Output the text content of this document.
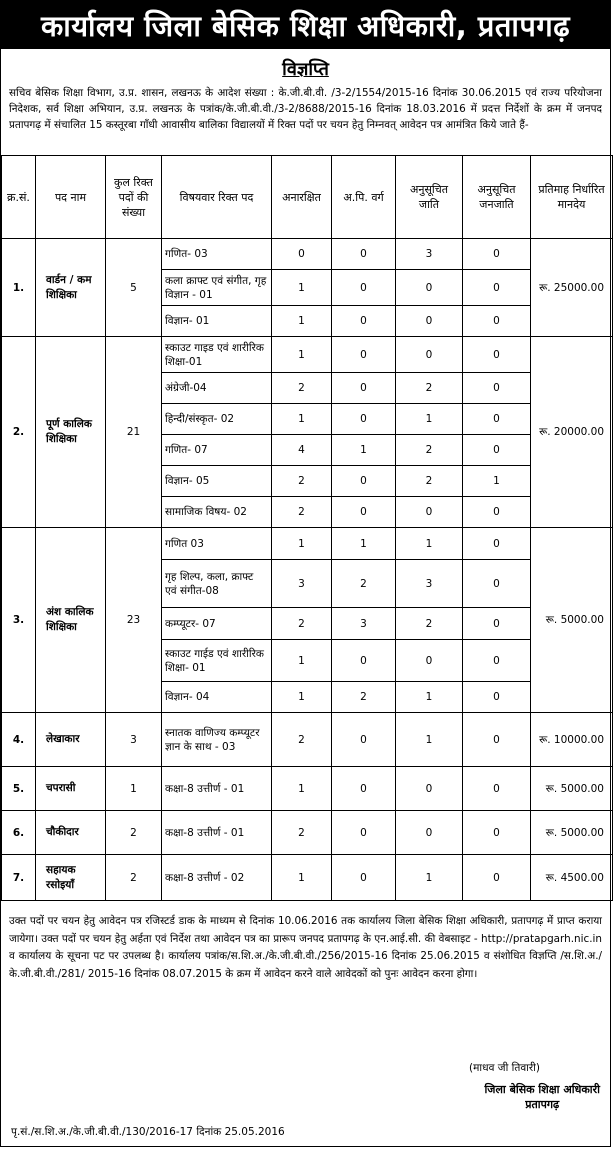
कार्यालय जिला बेसिक शिक्षा अधिकारी, प्रतापगढ़
विज्ञप्ति
सचिव बेसिक शिक्षा विभाग, उ.प्र. शासन, लखनऊ के आदेश संख्या : के.जी.बी.वी. /3-2/1554/2015-16 दिनांक 30.06.2015 एवं राज्य परियोजना निदेशक, सर्व शिक्षा अभियान, उ.प्र. लखनऊ के पत्रांक/के.जी.बी.वी./3-2/8688/2015-16 दिनांक 18.03.2016 में प्रदत्त निर्देशों के क्रम में जनपद प्रतापगढ़ में संचालित 15 कस्तूरबा गाँधी आवासीय बालिका विद्यालयों में रिक्त पदों पर चयन हेतु निम्नवत् आवेदन पत्र आमंत्रित किये जाते हैं-
क्र.सं.	पद नाम	कुल रिक्त पदों की संख्या	विषयवार रिक्त पद	अनारक्षित	अ.पि. वर्ग	अनुसूचित जाति	अनुसूचित जनजाति	प्रतिमाह निर्धारित मानदेय
1.	वार्डन / कम शिक्षिका	5	गणित- 03	0	0	3	0	रू. 25000.00
			कला क्राफ्ट एवं संगीत, गृह विज्ञान - 01	1	0	0	0	
			विज्ञान- 01	1	0	0	0	
2.	पूर्ण कालिक शिक्षिका	21	स्काउट गाइड एवं शारीरिक शिक्षा-01	1	0	0	0	रू. 20000.00
			अंग्रेजी-04	2	0	2	0	
			हिन्दी/संस्कृत- 02	1	0	1	0	
			गणित- 07	4	1	2	0	
			विज्ञान- 05	2	0	2	1	
			सामाजिक विषय- 02	2	0	0	0	
3.	अंश कालिक शिक्षिका	23	गणित 03	1	1	1	0	रू. 5000.00
			गृह शिल्प, कला, क्राफ्ट एवं संगीत-08	3	2	3	0	
			कम्प्यूटर- 07	2	3	2	0	
			स्काउट गाईड एवं शारीरिक शिक्षा- 01	1	0	0	0	
			विज्ञान- 04	1	2	1	0	
4.	लेखाकार	3	स्नातक वाणिज्य कम्प्यूटर ज्ञान के साथ - 03	2	0	1	0	रू. 10000.00
5.	चपरासी	1	कक्षा-8 उत्तीर्ण - 01	1	0	0	0	रू. 5000.00
6.	चौकीदार	2	कक्षा-8 उत्तीर्ण - 01	2	0	0	0	रू. 5000.00
7.	सहायक रसोइयाँ	2	कक्षा-8 उत्तीर्ण - 02	1	0	1	0	रू. 4500.00
उक्त पदों पर चयन हेतु आवेदन पत्र रजिस्टर्ड डाक के माध्यम से दिनांक 10.06.2016 तक कार्यालय जिला बेसिक शिक्षा अधिकारी, प्रतापगढ़ में प्राप्त कराया जायेगा। उक्त पदों पर चयन हेतु अर्हता एवं निर्देश तथा आवेदन पत्र का प्रारूप जनपद प्रतापगढ़ के एन.आई.सी. की वेबसाइट - http://pratapgarh.nic.in व कार्यालय के सूचना पट पर उपलब्ध है। कार्यालय पत्रांक/स.शि.अ./के.जी.बी.वी./256/2015-16 दिनांक 25.06.2015 व संशोधित विज्ञप्ति /स.शि.अ./ के.जी.बी.वी./281/ 2015-16 दिनांक 08.07.2015 के क्रम में आवेदन करने वाले आवेदकों को पुनः आवेदन करना होगा।
(माधव जी तिवारी)
जिला बेसिक शिक्षा अधिकारी
प्रतापगढ़
पृ.सं./स.शि.अ./के.जी.बी.वी./130/2016-17 दिनांक 25.05.2016
